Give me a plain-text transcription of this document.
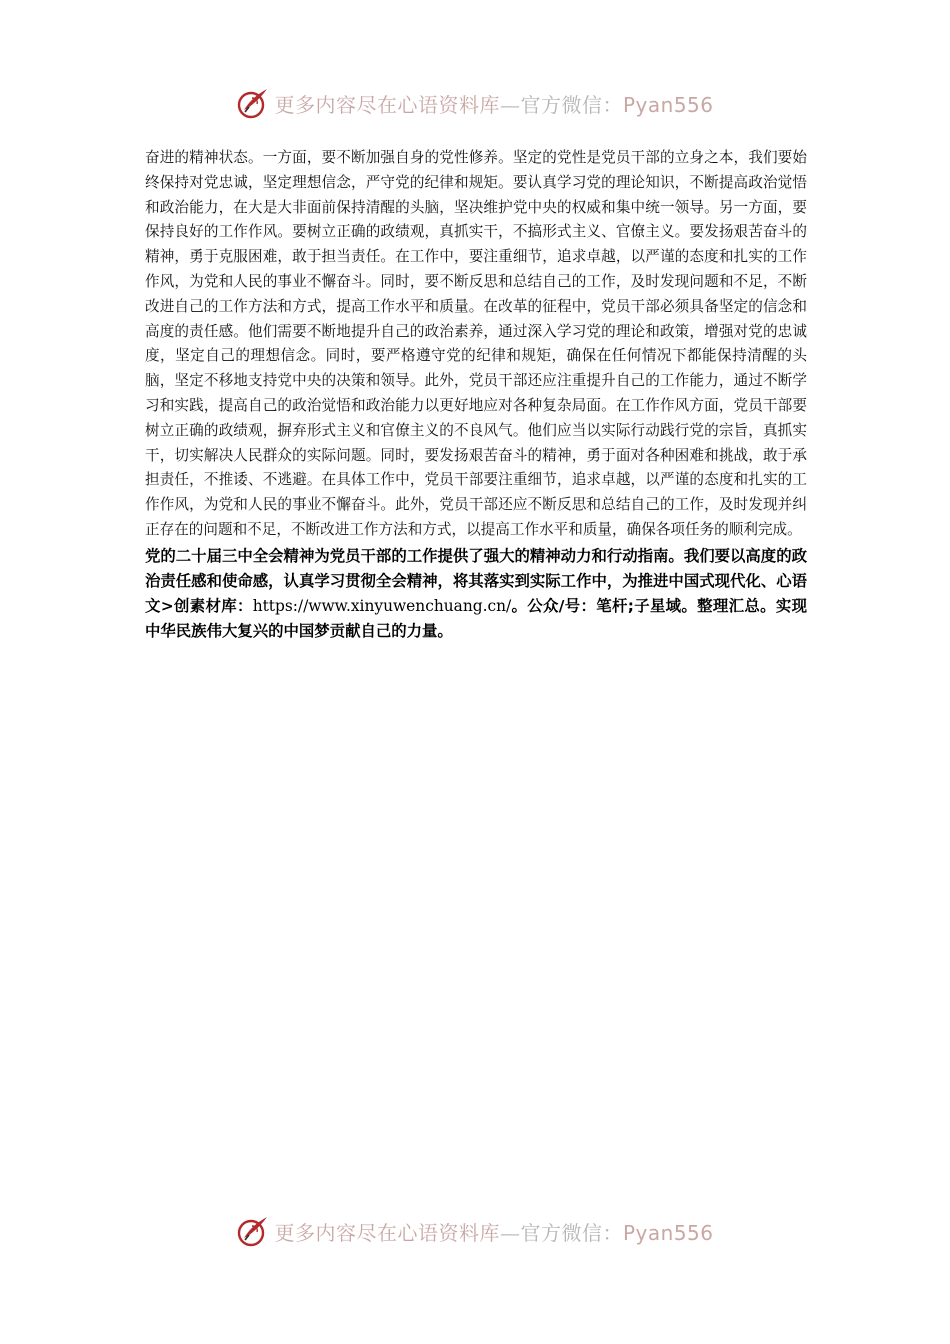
更多内容尽在心语资料库 — 官方微信： Pyan556

奋进的精神状态。一方面，要不断加强自身的党性修养。坚定的党性是党员干部的立身之本，我们要始终保持对党忠诚，坚定理想信念，严守党的纪律和规矩。要认真学习党的理论知识，不断提高政治觉悟和政治能力，在大是大非面前保持清醒的头脑，坚决维护党中央的权威和集中统一领导。另一方面，要保持良好的工作作风。要树立正确的政绩观，真抓实干，不搞形式主义、官僚主义。要发扬艰苦奋斗的精神，勇于克服困难，敢于担当责任。在工作中，要注重细节，追求卓越，以严谨的态度和扎实的工作作风，为党和人民的事业不懈奋斗。同时，要不断反思和总结自己的工作，及时发现问题和不足，不断改进自己的工作方法和方式，提高工作水平和质量。在改革的征程中，党员干部必须具备坚定的信念和高度的责任感。他们需要不断地提升自己的政治素养，通过深入学习党的理论和政策，增强对党的忠诚度，坚定自己的理想信念。同时，要严格遵守党的纪律和规矩，确保在任何情况下都能保持清醒的头脑，坚定不移地支持党中央的决策和领导。此外，党员干部还应注重提升自己的工作能力，通过不断学习和实践，提高自己的政治觉悟和政治能力以更好地应对各种复杂局面。在工作作风方面，党员干部要树立正确的政绩观，摒弃形式主义和官僚主义的不良风气。他们应当以实际行动践行党的宗旨，真抓实干，切实解决人民群众的实际问题。同时，要发扬艰苦奋斗的精神，勇于面对各种困难和挑战，敢于承担责任，不推诿、不逃避。在具体工作中，党员干部要注重细节，追求卓越，以严谨的态度和扎实的工作作风，为党和人民的事业不懈奋斗。此外，党员干部还应不断反思和总结自己的工作，及时发现并纠正存在的问题和不足，不断改进工作方法和方式，以提高工作水平和质量，确保各项任务的顺利完成。

党的二十届三中全会精神为党员干部的工作提供了强大的精神动力和行动指南。我们要以高度的政治责任感和使命感，认真学习贯彻全会精神，将其落实到实际工作中，为推进中国式现代化、心语文>创素材库：https://www.xinyuwenchuang.cn/。公众/号：笔杆;子星域。整理汇总。实现中华民族伟大复兴的中国梦贡献自己的力量。

更多内容尽在心语资料库 — 官方微信： Pyan556
